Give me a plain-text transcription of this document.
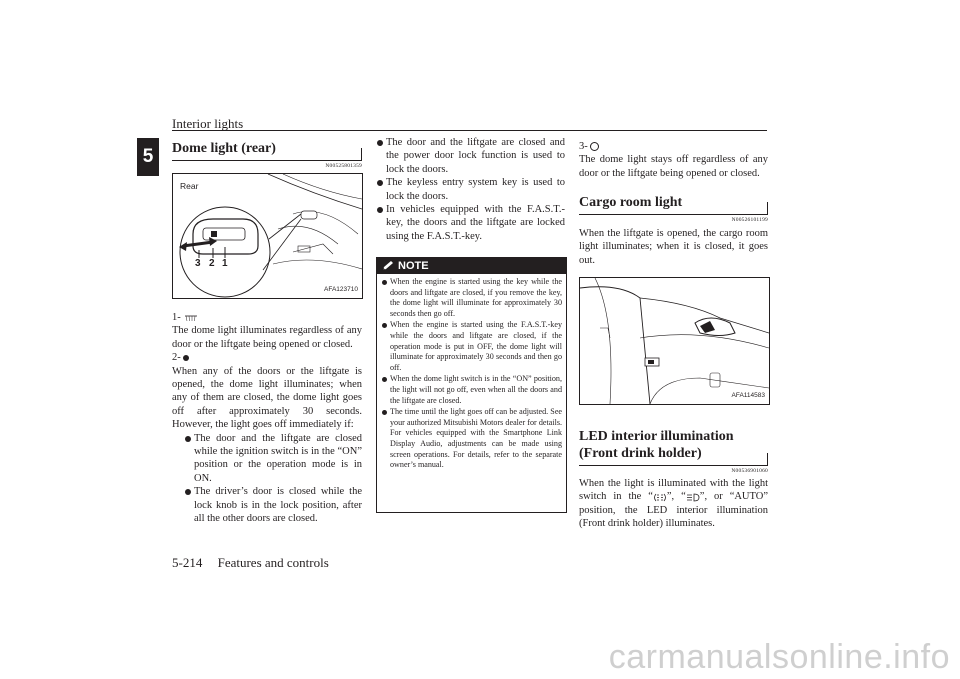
Interior lights
5	Dome light (rear)
N00525801359
Rear
3 2 1
AFA123710
1-
The dome light illuminates regardless of any door or the liftgate being opened or closed.
2-
When any of the doors or the liftgate is opened, the dome light illuminates; when any of them are closed, the dome light goes off after approximately 30 seconds. However, the light goes off immediately if:
The door and the liftgate are closed while the ignition switch is in the “ON” position or the operation mode is in ON.
The driver’s door is closed while the lock knob is in the lock position, after all the other doors are closed.
The door and the liftgate are closed and the power door lock function is used to lock the doors.
The keyless entry system key is used to lock the doors.
In vehicles equipped with the F.A.S.T.-key, the doors and the liftgate are locked using the F.A.S.T.-key.
NOTE
When the engine is started using the key while the doors and liftgate are closed, if you remove the key, the dome light will illuminate for approximately 30 seconds then go off.
When the engine is started using the F.A.S.T.-key while the doors and liftgate are closed, if the operation mode is put in OFF, the dome light will illuminate for approximately 30 seconds and then go off.
When the dome light switch is in the “ON” position, the light will not go off, even when all the doors and the liftgate are closed.
The time until the light goes off can be adjusted. See your authorized Mitsubishi Motors dealer for details. For vehicles equipped with the Smartphone Link Display Audio, adjustments can be made using screen operations. For details, refer to the separate owner’s manual.
3-
The dome light stays off regardless of any door or the liftgate being opened or closed.
Cargo room light
N00526101199
When the liftgate is opened, the cargo room light illuminates; when it is closed, it goes out.
AFA114583
LED interior illumination
(Front drink holder)
N00536901060
When the light is illuminated with the light switch in the “ ”, “ ”, or “AUTO” position, the LED interior illumination (Front drink holder) illuminates.
5-214 Features and controls
carmanualsonline.info
